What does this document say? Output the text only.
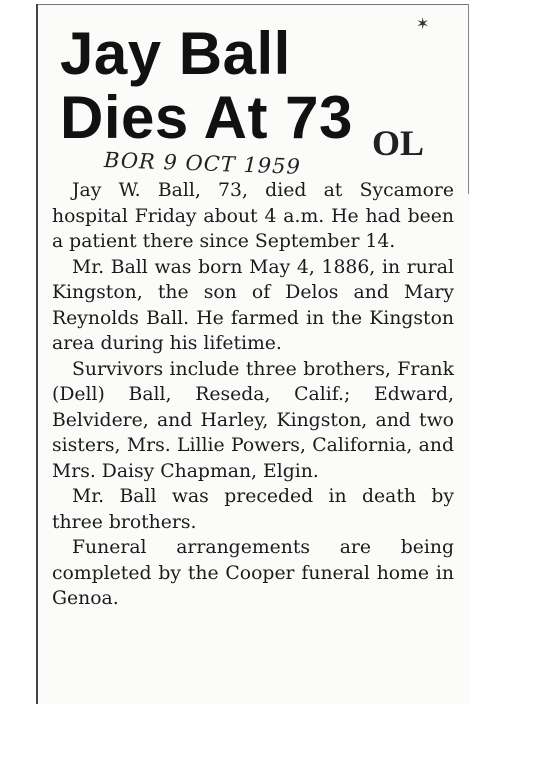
✶
Jay Ball
Dies At 73 OL
BOR 9 OCT 1959

Jay W. Ball, 73, died at Sycamore hospital Friday about 4 a.m. He had been a patient there since September 14.

Mr. Ball was born May 4, 1886, in rural Kingston, the son of Delos and Mary Reynolds Ball. He farmed in the Kingston area during his lifetime.

Survivors include three brothers, Frank (Dell) Ball, Reseda, Calif.; Edward, Belvidere, and Harley, Kingston, and two sisters, Mrs. Lillie Powers, California, and Mrs. Daisy Chapman, Elgin.

Mr. Ball was preceded in death by three brothers.

Funeral arrangements are being completed by the Cooper funeral home in Genoa.
